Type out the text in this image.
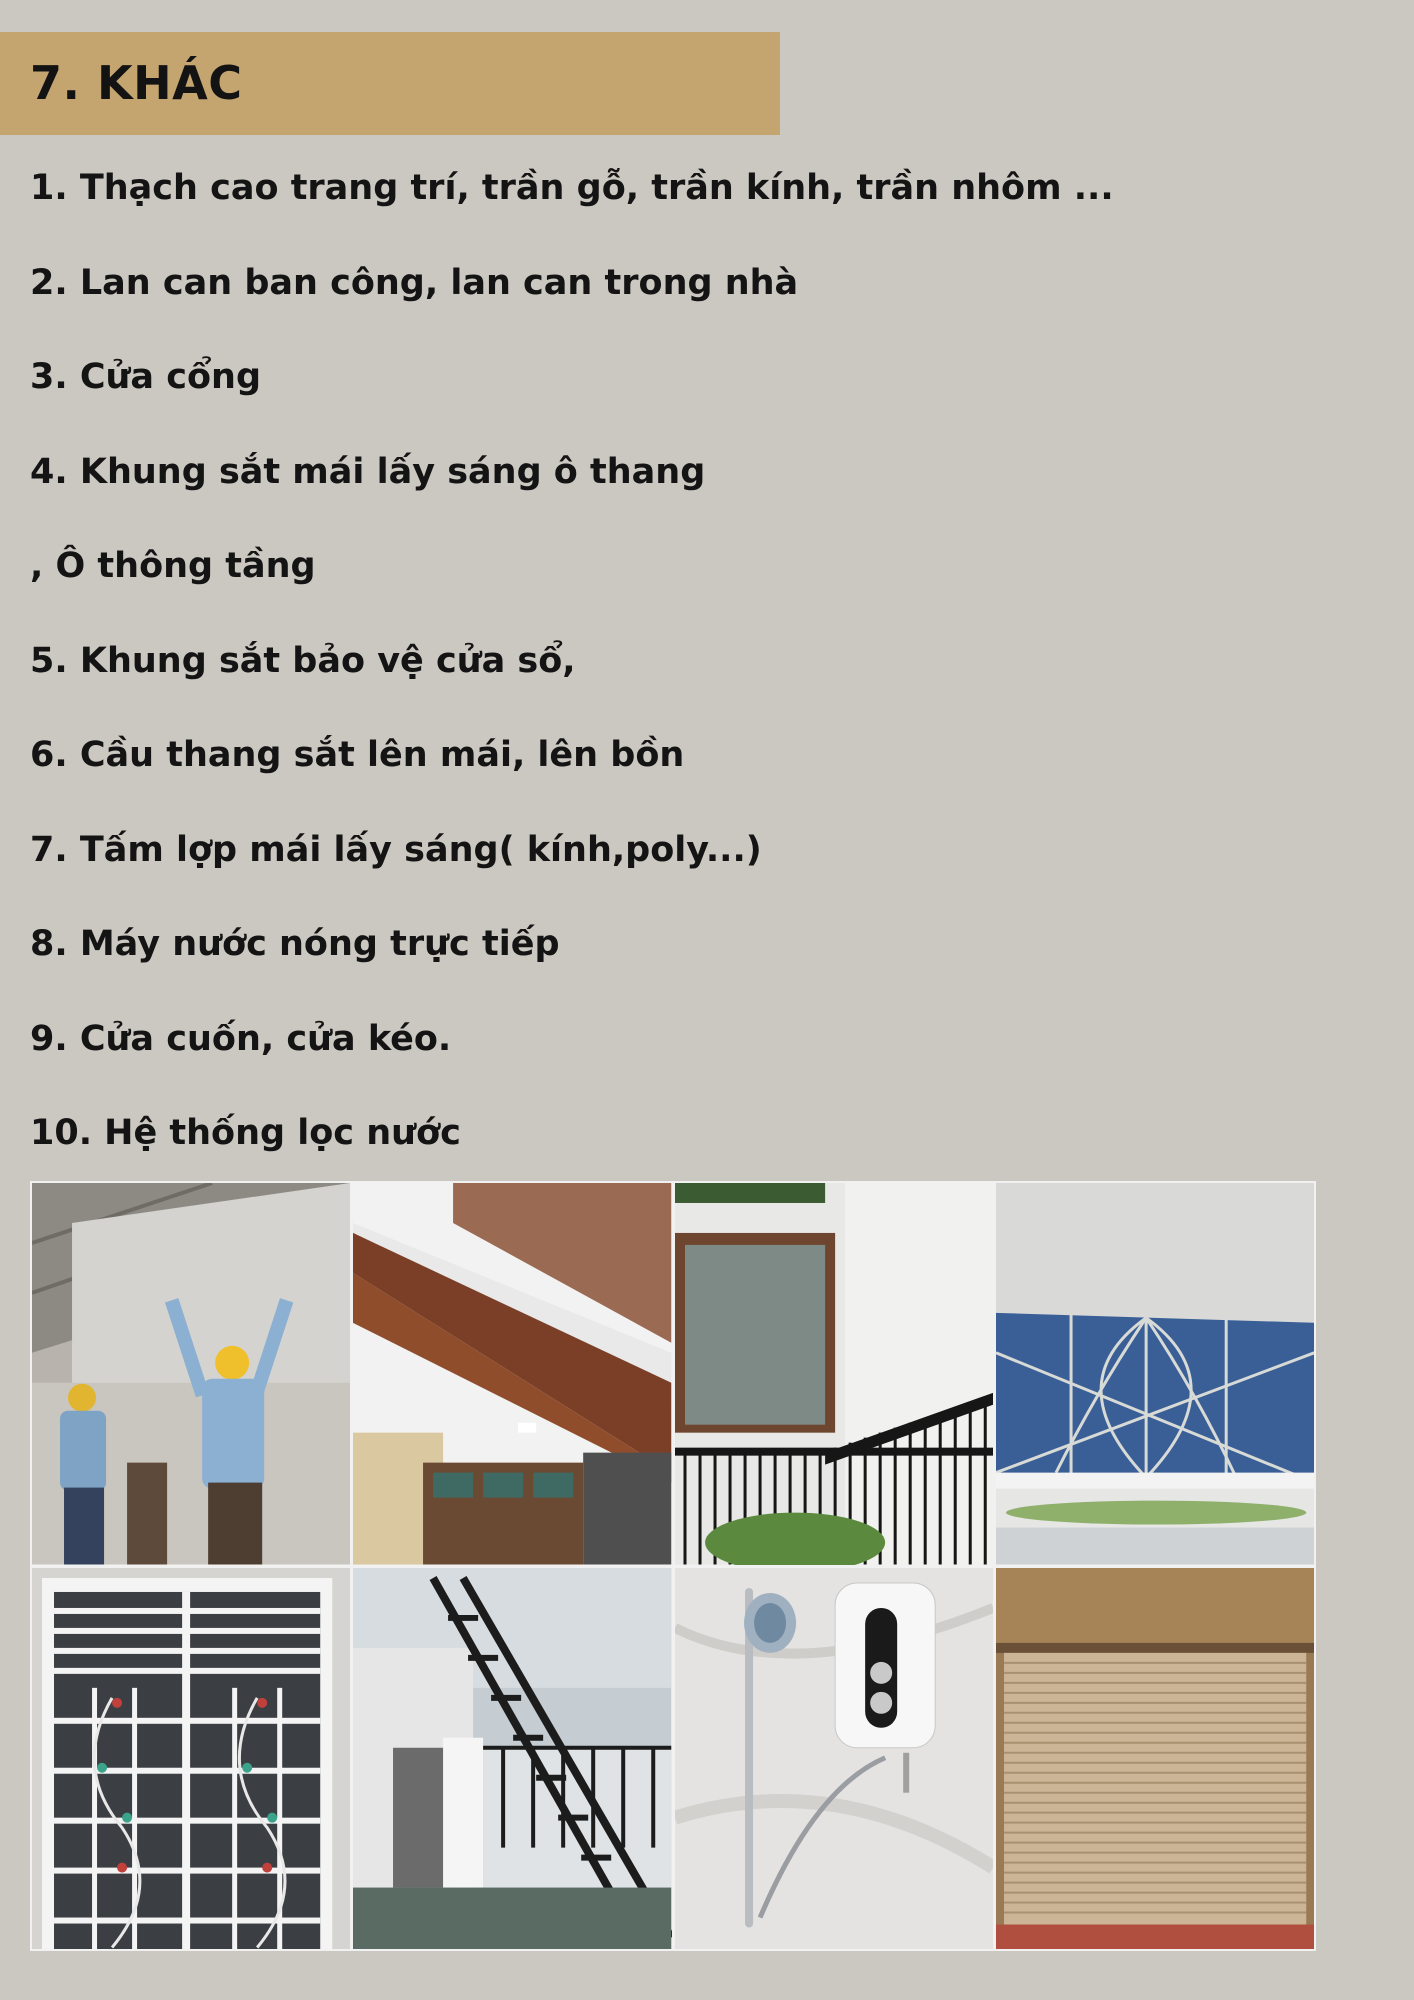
7. KHÁC
1. Thạch cao trang trí, trần gỗ, trần kính, trần nhôm ...
2. Lan can ban công, lan can trong nhà
3. Cửa cổng
4. Khung sắt mái lấy sáng ô thang
, Ô thông tầng
5. Khung sắt bảo vệ cửa sổ,
6. Cầu thang sắt lên mái, lên bồn
7. Tấm lợp mái lấy sáng( kính,poly...)
8. Máy nước nóng trực tiếp
9. Cửa cuốn, cửa kéo.
10. Hệ thống lọc nước
